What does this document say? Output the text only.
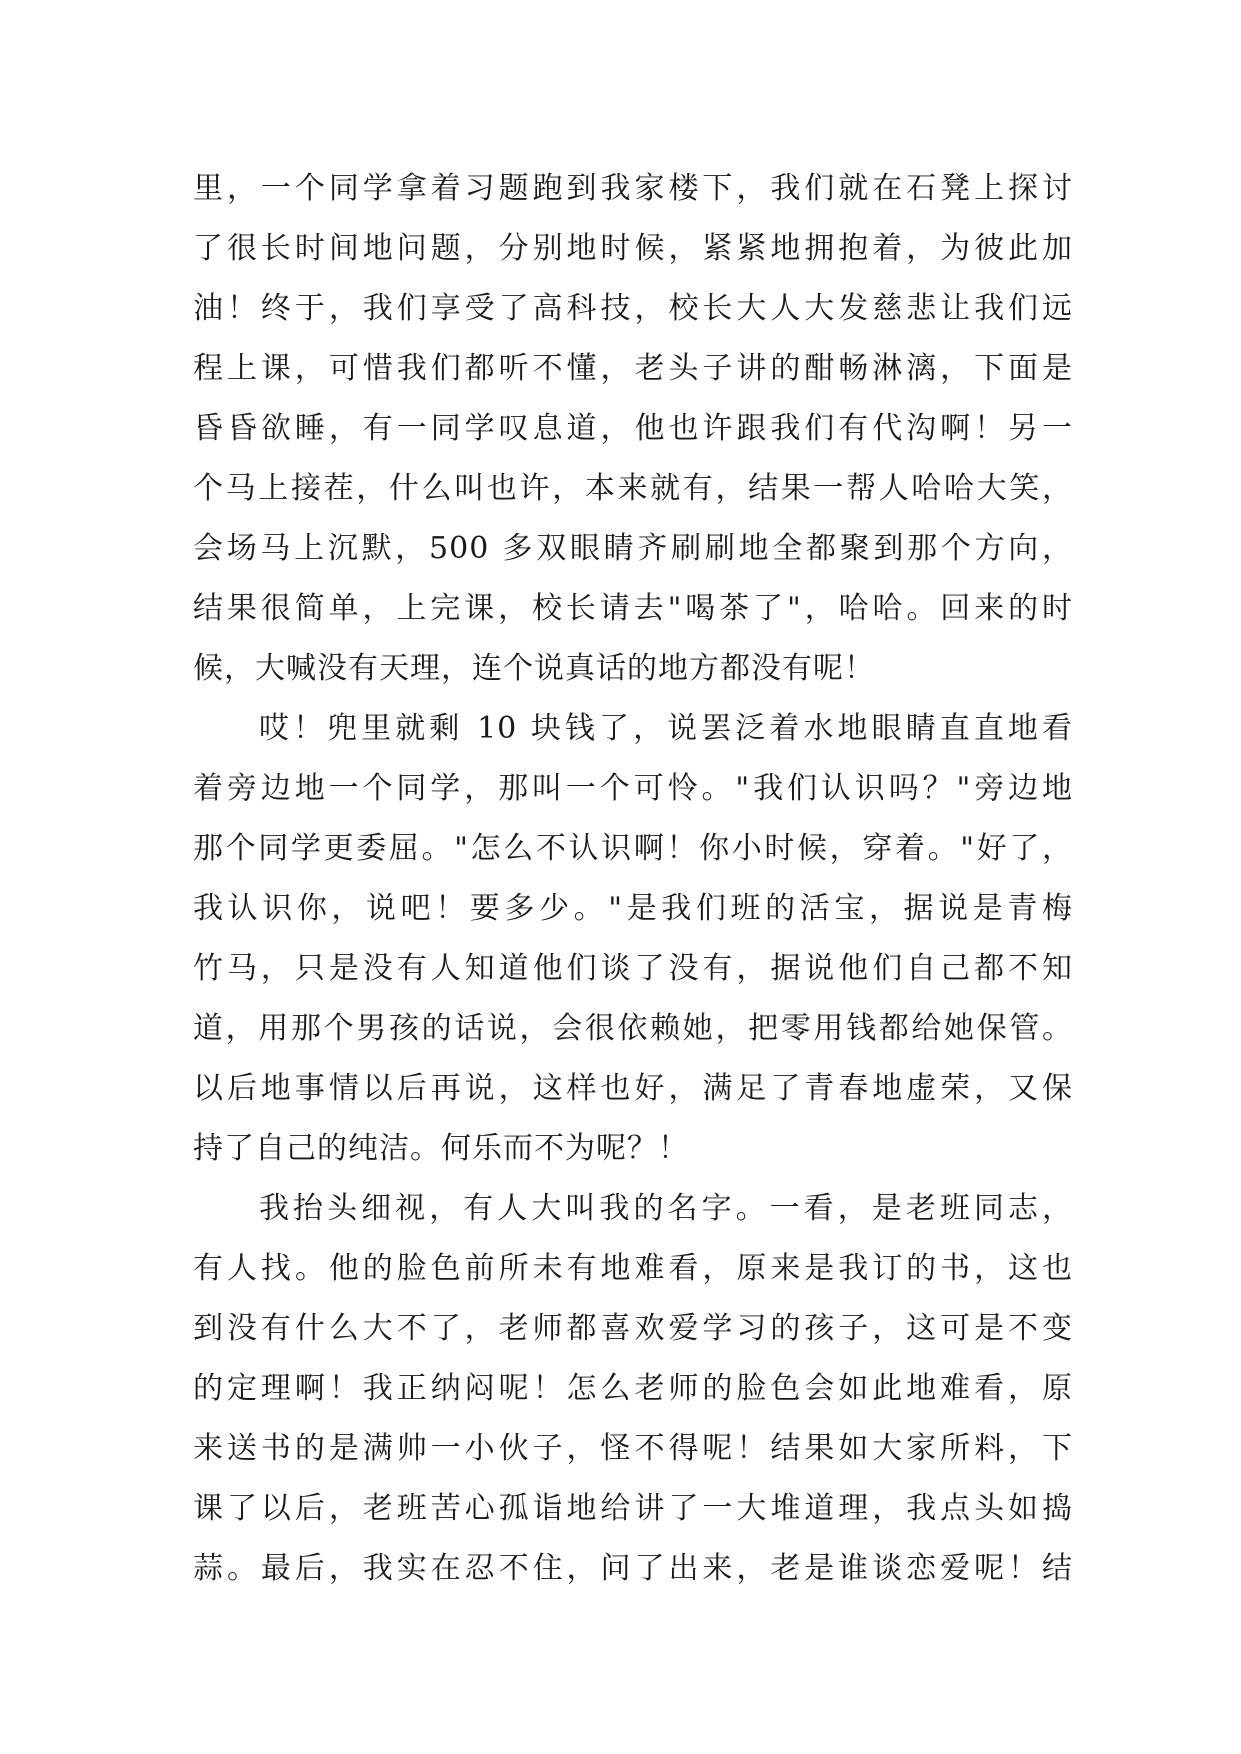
里，一个同学拿着习题跑到我家楼下，我们就在石凳上探讨
了很长时间地问题，分别地时候，紧紧地拥抱着，为彼此加
油！终于，我们享受了高科技，校长大人大发慈悲让我们远
程上课，可惜我们都听不懂，老头子讲的酣畅淋漓，下面是
昏昏欲睡，有一同学叹息道，他也许跟我们有代沟啊！另一
个马上接茬，什么叫也许，本来就有，结果一帮人哈哈大笑，
会场马上沉默，500 多双眼睛齐刷刷地全都聚到那个方向，
结果很简单，上完课，校长请去"喝茶了"，哈哈。回来的时
候，大喊没有天理，连个说真话的地方都没有呢！
哎！兜里就剩 10 块钱了，说罢泛着水地眼睛直直地看
着旁边地一个同学，那叫一个可怜。"我们认识吗？"旁边地
那个同学更委屈。"怎么不认识啊！你小时候，穿着。"好了，
我认识你，说吧！要多少。"是我们班的活宝，据说是青梅
竹马，只是没有人知道他们谈了没有，据说他们自己都不知
道，用那个男孩的话说，会很依赖她，把零用钱都给她保管。
以后地事情以后再说，这样也好，满足了青春地虚荣，又保
持了自己的纯洁。何乐而不为呢？！
我抬头细视，有人大叫我的名字。一看，是老班同志，
有人找。他的脸色前所未有地难看，原来是我订的书，这也
到没有什么大不了，老师都喜欢爱学习的孩子，这可是不变
的定理啊！我正纳闷呢！怎么老师的脸色会如此地难看，原
来送书的是满帅一小伙子，怪不得呢！结果如大家所料，下
课了以后，老班苦心孤诣地给讲了一大堆道理，我点头如捣
蒜。最后，我实在忍不住，问了出来，老是谁谈恋爱呢！结
